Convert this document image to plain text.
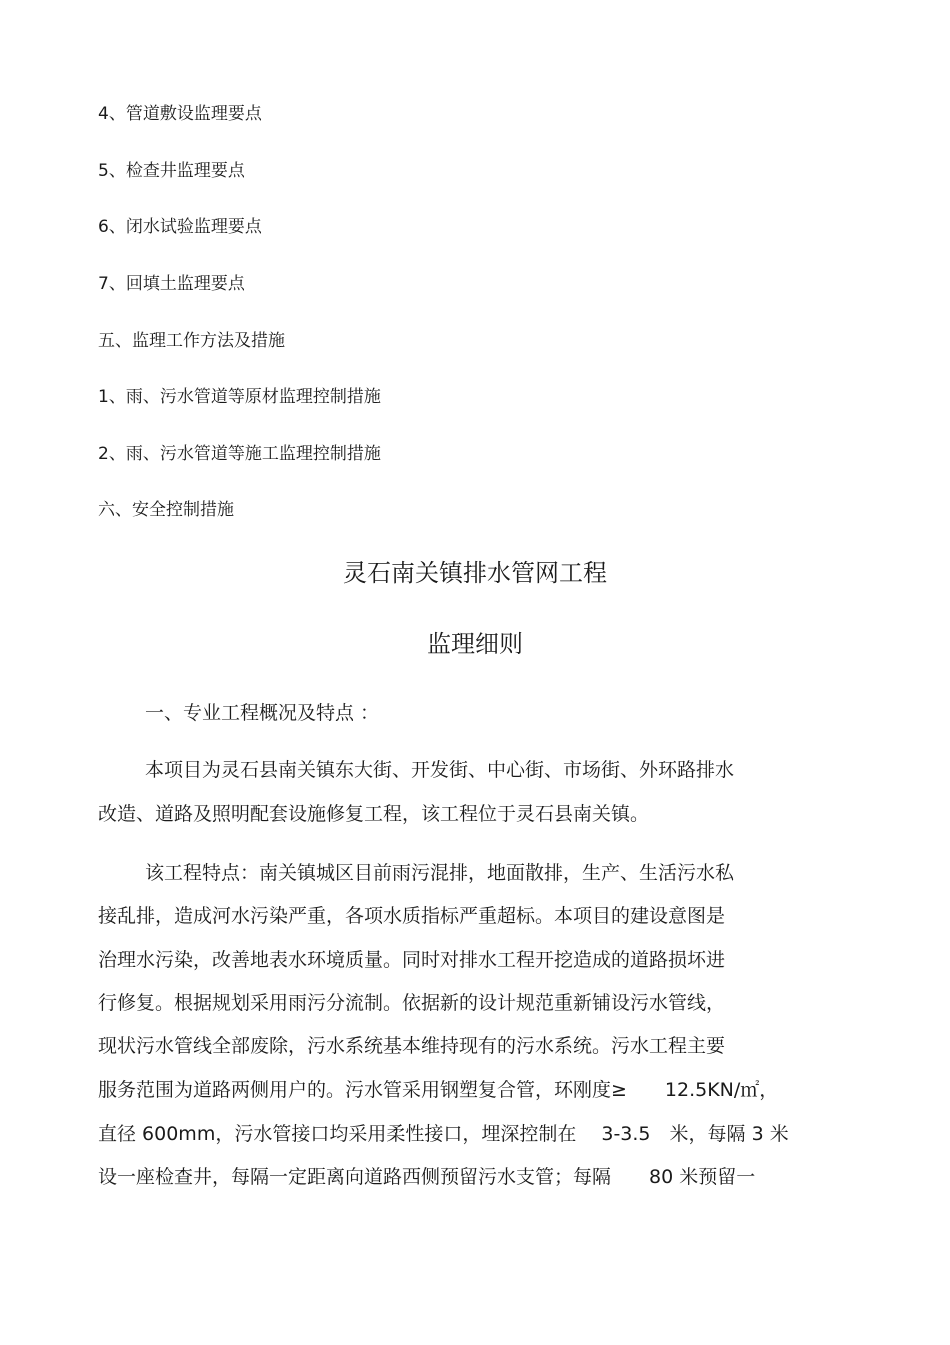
4、管道敷设监理要点
5、检查井监理要点
6、闭水试验监理要点
7、回填土监理要点
五、监理工作方法及措施
1、雨、污水管道等原材监理控制措施
2、雨、污水管道等施工监理控制措施
六、安全控制措施
灵石南关镇排水管网工程
监理细则
一、专业工程概况及特点 ：
本项目为灵石县南关镇东大街、开发街、中心街、市场街、外环路排水
改造、道路及照明配套设施修复工程，该工程位于灵石县南关镇。
该工程特点：南关镇城区目前雨污混排，地面散排，生产、生活污水私
接乱排，造成河水污染严重，各项水质指标严重超标。本项目的建设意图是
治理水污染，改善地表水环境质量。同时对排水工程开挖造成的道路损坏进
行修复。根据规划采用雨污分流制。依据新的设计规范重新铺设污水管线，
现状污水管线全部废除，污水系统基本维持现有的污水系统。污水工程主要
服务范围为道路两侧用户的。污水管采用钢塑复合管，环刚度≥　　12.5KN/㎡，
直径 600mm，污水管接口均采用柔性接口，埋深控制在　 3-3.5　米，每隔 3 米
设一座检查井，每隔一定距离向道路西侧预留污水支管；每隔　　80 米预留一
